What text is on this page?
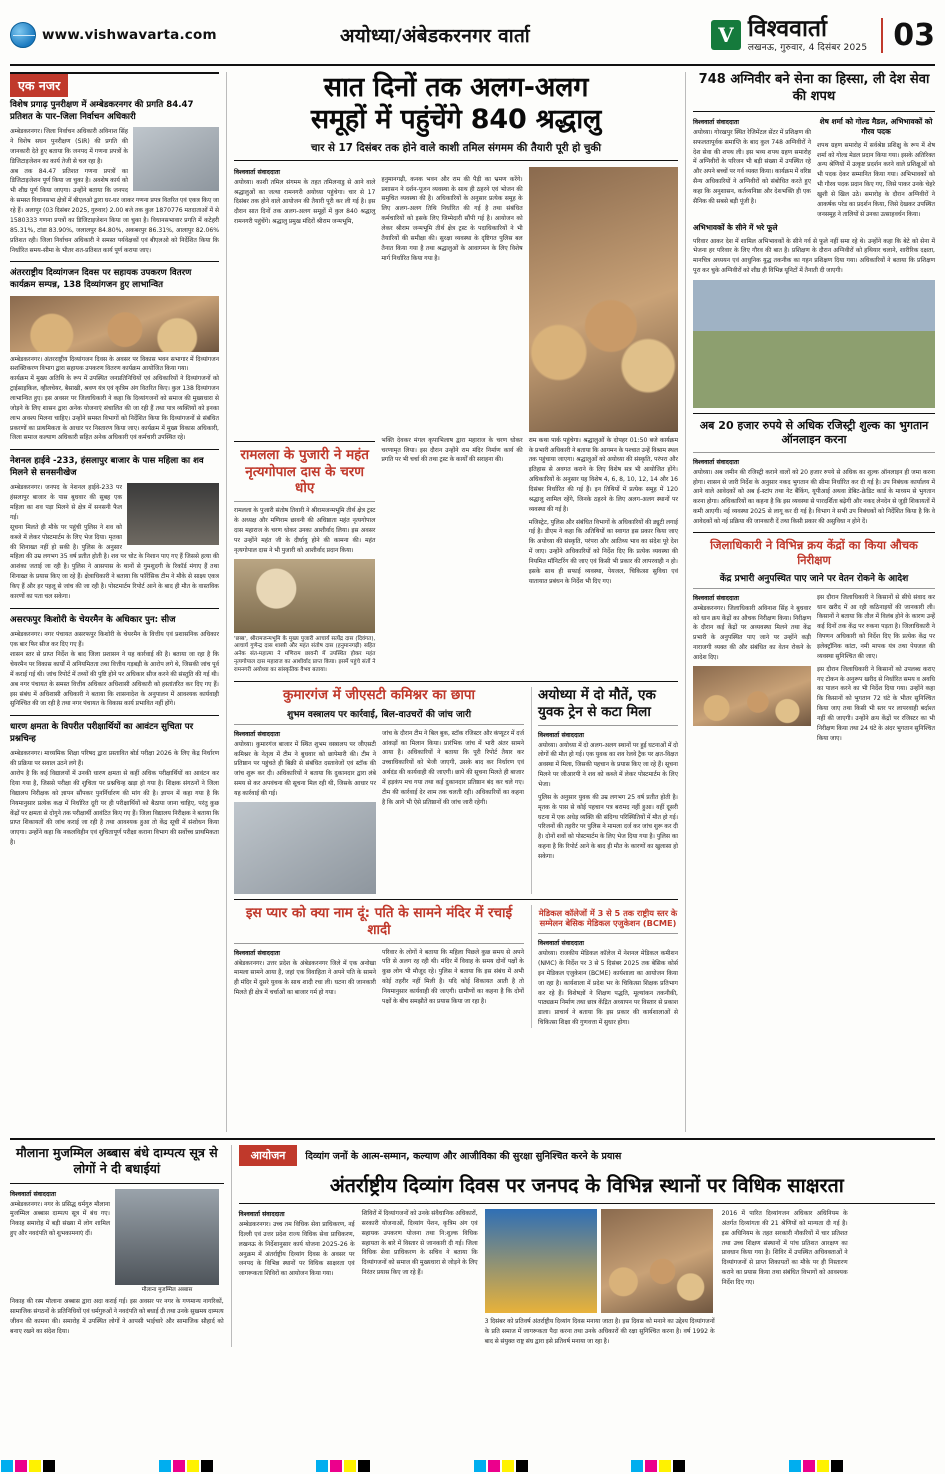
www.vishwavarta.com	अयोध्या/अंबेडकरनगर वार्ता	V विश्ववार्ता
लखनऊ, गुरुवार, 4 दिसंबर 2025 03
एक नजर
विशेष प्रगाढ़ पुनरीक्षण में अम्बेडकरनगर की प्रगति 84.47 प्रतिशत के पार–जिला निर्वाचन अधिकारी
अम्बेडकरनगर। जिला निर्वाचन अधिकारी अविनाश सिंह ने विशेष सघन पुनरीक्षण (SIR) की प्रगति की जानकारी देते हुए बताया कि जनपद में गणना प्रपत्रों के डिजिटाइजेशन का कार्य तेजी से चल रहा है।
अब तक 84.47 प्रतिशत गणना प्रपत्रों का डिजिटाइजेशन पूर्ण किया जा चुका है। अवशेष कार्य को भी शीघ्र पूर्ण किया जाएगा। उन्होंने बताया कि जनपद के समस्त विधानसभा क्षेत्रों में बीएलओ द्वारा घर-घर जाकर गणना प्रपत्र वितरित एवं एकत्र किए जा रहे हैं। अलापुर (03 दिसंबर 2025, गुरुवार) 2.00 बजे तक कुल 1870776 मतदाताओं में से 1580333 गणना प्रपत्रों का डिजिटाइजेशन किया जा चुका है। विधानसभावार प्रगति में कटेहरी 85.31%, टांडा 83.90%, जलालपुर 84.80%, अकबरपुर 86.31%, आलापुर 82.06% प्रतिशत रही। जिला निर्वाचन अधिकारी ने समस्त पर्यवेक्षकों एवं बीएलओ को निर्देशित किया कि निर्धारित समय-सीमा के भीतर शत-प्रतिशत कार्य पूर्ण कराया जाए।
अंतरराष्ट्रीय दिव्यांगजन दिवस पर सहायक उपकरण वितरण कार्यक्रम सम्पन्न, 138 दिव्यांगजन हुए लाभान्वित
अम्बेडकरनगर। अंतरराष्ट्रीय दिव्यांगजन दिवस के अवसर पर विकास भवन सभागार में दिव्यांगजन सशक्तिकरण विभाग द्वारा सहायक उपकरण वितरण कार्यक्रम आयोजित किया गया।
कार्यक्रम में मुख्य अतिथि के रूप में उपस्थित जनप्रतिनिधियों एवं अधिकारियों ने दिव्यांगजनों को ट्राईसाइकिल, व्हीलचेयर, बैसाखी, श्रवण यंत्र एवं कृत्रिम अंग वितरित किए। कुल 138 दिव्यांगजन लाभान्वित हुए। इस अवसर पर जिलाधिकारी ने कहा कि दिव्यांगजनों को समाज की मुख्यधारा से जोड़ने के लिए शासन द्वारा अनेक योजनाएं संचालित की जा रही हैं तथा पात्र व्यक्तियों को इनका लाभ अवश्य मिलना चाहिए। उन्होंने समस्त विभागों को निर्देशित किया कि दिव्यांगजनों से संबंधित प्रकरणों का प्राथमिकता के आधार पर निस्तारण किया जाए। कार्यक्रम में मुख्य विकास अधिकारी, जिला समाज कल्याण अधिकारी सहित अनेक अधिकारी एवं कर्मचारी उपस्थित रहे।
नेशनल हाईवे -233, हंसलापुर बाजार के पास महिला का शव मिलने से सनसनीखेज
अम्बेडकरनगर। जनपद के नेशनल हाईवे-233 पर हंसलापुर बाजार के पास बुधवार की सुबह एक महिला का शव पड़ा मिलने से क्षेत्र में सनसनी फैल गई।
सूचना मिलते ही मौके पर पहुंची पुलिस ने शव को कब्जे में लेकर पोस्टमार्टम के लिए भेज दिया। मृतका की शिनाख्त नहीं हो सकी है। पुलिस के अनुसार महिला की उम्र लगभग 35 वर्ष प्रतीत होती है। शव पर चोट के निशान पाए गए हैं जिससे हत्या की आशंका जताई जा रही है। पुलिस ने आसपास के थानों से गुमशुदगी के रिकॉर्ड मंगाए हैं तथा शिनाख्त के प्रयास किए जा रहे हैं। क्षेत्राधिकारी ने बताया कि फॉरेंसिक टीम ने मौके से साक्ष्य एकत्र किए हैं और हर पहलू से जांच की जा रही है। पोस्टमार्टम रिपोर्ट आने के बाद ही मौत के वास्तविक कारणों का पता चल सकेगा।
असरफपुर किशोरी के चेयरमैन के अधिकार पुन: सीज
अम्बेडकरनगर। नगर पंचायत असरफपुर किशोरी के चेयरमैन के वित्तीय एवं प्रशासनिक अधिकार एक बार फिर सीज कर दिए गए हैं।
शासन स्तर से प्राप्त निर्देश के बाद जिला प्रशासन ने यह कार्रवाई की है। बताया जा रहा है कि चेयरमैन पर विकास कार्यों में अनियमितता तथा वित्तीय गड़बड़ी के आरोप लगे थे, जिसकी जांच पूर्व में कराई गई थी। जांच रिपोर्ट में तथ्यों की पुष्टि होने पर अधिकार सीज करने की संस्तुति की गई थी। अब नगर पंचायत के समस्त वित्तीय अधिकार अधिशासी अधिकारी को हस्तांतरित कर दिए गए हैं। इस संबंध में अधिशासी अधिकारी ने बताया कि शासनादेश के अनुपालन में आवश्यक कार्यवाही सुनिश्चित की जा रही है तथा नगर पंचायत के विकास कार्य प्रभावित नहीं होंगे।
धारण क्षमता के विपरीत परीक्षार्थियों का आवंटन सुचिता पर प्रश्नचिन्ह
अम्बेडकरनगर। माध्यमिक शिक्षा परिषद द्वारा प्रस्तावित बोर्ड परीक्षा 2026 के लिए केंद्र निर्धारण की प्रक्रिया पर सवाल उठने लगे हैं।
आरोप है कि कई विद्यालयों में उनकी धारण क्षमता से कहीं अधिक परीक्षार्थियों का आवंटन कर दिया गया है, जिससे परीक्षा की शुचिता पर प्रश्नचिन्ह खड़ा हो गया है। शिक्षक संगठनों ने जिला विद्यालय निरीक्षक को ज्ञापन सौंपकर पुनर्निर्धारण की मांग की है। ज्ञापन में कहा गया है कि नियमानुसार प्रत्येक कक्ष में निर्धारित दूरी पर ही परीक्षार्थियों को बैठाया जाना चाहिए, परंतु कुछ केंद्रों पर क्षमता से दोगुने तक परीक्षार्थी आवंटित किए गए हैं। जिला विद्यालय निरीक्षक ने बताया कि प्राप्त शिकायतों की जांच कराई जा रही है तथा आवश्यक हुआ तो केंद्र सूची में संशोधन किया जाएगा। उन्होंने कहा कि नकलविहीन एवं शुचितापूर्ण परीक्षा कराना विभाग की सर्वोच्च प्राथमिकता है।
सात दिनों तक अलग-अलग
समूहों में पहुंचेंगे 840 श्रद्धालु
चार से 17 दिसंबर तक होने वाले काशी तमिल संगमम की तैयारी पूरी हो चुकी
विश्ववार्ता संवाददाता
अयोध्या। काशी तमिल संगमम के तहत तमिलनाडु से आने वाले श्रद्धालुओं का जत्था रामनगरी अयोध्या पहुंचेगा। चार से 17 दिसंबर तक होने वाले आयोजन की तैयारी पूरी कर ली गई है। इस दौरान सात दिनों तक अलग-अलग समूहों में कुल 840 श्रद्धालु रामनगरी पहुंचेंगे। श्रद्धालु प्रमुख मंदिरों श्रीराम जन्मभूमि,
हनुमानगढ़ी, कनक भवन और राम की पैड़ी का भ्रमण करेंगे। प्रशासन ने दर्शन-पूजन व्यवस्था के साथ ही ठहरने एवं भोजन की समुचित व्यवस्था की है। अधिकारियों के अनुसार प्रत्येक समूह के लिए अलग-अलग तिथि निर्धारित की गई है तथा संबंधित कर्मचारियों को इसके लिए जिम्मेदारी सौंपी गई है। आयोजन को लेकर श्रीराम जन्मभूमि तीर्थ क्षेत्र ट्रस्ट के पदाधिकारियों ने भी तैयारियों की समीक्षा की। सुरक्षा व्यवस्था के दृष्टिगत पुलिस बल तैनात किया गया है तथा श्रद्धालुओं के आवागमन के लिए विशेष मार्ग निर्धारित किया गया है।
रामलला के पुजारी ने महंत नृत्यगोपाल दास के चरण धोए
रामलला के पुजारी संतोष तिवारी ने श्रीरामजन्मभूमि तीर्थ क्षेत्र ट्रस्ट के अध्यक्ष और मणिराम छावनी की अधिष्ठाता महंत नृत्यगोपाल दास महाराज के चरण धोकर उनका आशीर्वाद लिया। इस अवसर पर उन्होंने महंत जी के दीर्घायु होने की कामना की। महंत नृत्यगोपाल दास ने भी पुजारी को आशीर्वाद प्रदान किया।
'छब्ब', श्रीरामजन्मभूमि के मुख्य पुजारी आचार्य सत्येंद्र दास (दिवंगत), आचार्य गुणेन्द्र दास शास्त्री और महंत संतोष दास (हनुमानगढ़ी) सहित अनेक संत-महात्मा ने मणिराम छावनी में उपस्थित होकर महंत नृत्यगोपाल दास महाराज का आशीर्वाद प्राप्त किया। इसमें पहुंचे संतों ने रामनगरी अयोध्या का सांस्कृतिक वैभव बताया।
भक्ति देवकर मंगल कृपाभिलाष द्वारा महाराज के चरण धोकर चरणामृत लिया। इस दौरान उन्होंने राम मंदिर निर्माण कार्य की प्रगति पर भी चर्चा की तथा ट्रस्ट के कार्यों की सराहना की।
राम कथा पार्क पहुंचेगा। श्रद्धालुओं के दोपहर 01:50 बजे कार्यक्रम के प्रभारी अधिकारी ने बताया कि आगमन के पश्चात उन्हें विश्राम स्थल तक पहुंचाया जाएगा। श्रद्धालुओं को अयोध्या की संस्कृति, परंपरा और इतिहास से अवगत कराने के लिए विशेष सत्र भी आयोजित होंगे। अधिकारियों के अनुसार यह विशेष 4, 6, 8, 10, 12, 14 और 16 दिसंबर निर्धारित की गई हैं। इन तिथियों में प्रत्येक समूह में 120 श्रद्धालु शामिल रहेंगे, जिनके ठहरने के लिए अलग-अलग स्थानों पर व्यवस्था की गई है।
मजिस्ट्रेट, पुलिस और संबंधित विभागों के अधिकारियों की ड्यूटी लगाई गई है। डीएम ने कहा कि अतिथियों का स्वागत इस प्रकार किया जाए कि अयोध्या की संस्कृति, परंपरा और आतिथ्य भाव का संदेश पूरे देश में जाए। उन्होंने अधिकारियों को निर्देश दिए कि प्रत्येक व्यवस्था की नियमित मॉनिटरिंग की जाए एवं किसी भी प्रकार की लापरवाही न हो। इसके साथ ही सफाई व्यवस्था, पेयजल, चिकित्सा सुविधा एवं यातायात प्रबंधन के निर्देश भी दिए गए।
कुमारगंज में जीएसटी कमिश्नर का छापा
शुभम वस्त्रालय पर कार्रवाई, बिल-वाउचरों की जांच जारी
विश्ववार्ता संवाददाता
अयोध्या। कुमारगंज बाजार में स्थित शुभम वस्त्रालय पर जीएसटी कमिश्नर के नेतृत्व में टीम ने बुधवार को छापेमारी की। टीम ने प्रतिष्ठान पर पहुंचते ही बिक्री से संबंधित दस्तावेजों एवं स्टॉक की जांच शुरू कर दी। अधिकारियों ने बताया कि दुकानदार द्वारा लंबे समय से कर अपवंचना की सूचना मिल रही थी, जिसके आधार पर यह कार्रवाई की गई।
जांच के दौरान टीम ने बिल बुक, स्टॉक रजिस्टर और कंप्यूटर में दर्ज आंकड़ों का मिलान किया। प्रारंभिक जांच में भारी अंतर सामने आया है। अधिकारियों ने बताया कि पूरी रिपोर्ट तैयार कर उच्चाधिकारियों को भेजी जाएगी, उसके बाद कर निर्धारण एवं अर्थदंड की कार्यवाही की जाएगी। छापे की सूचना मिलते ही बाजार में हड़कंप मच गया तथा कई दुकानदार प्रतिष्ठान बंद कर चले गए। टीम की कार्रवाई देर शाम तक चलती रही। अधिकारियों का कहना है कि आगे भी ऐसे प्रतिष्ठानों की जांच जारी रहेगी।
अयोध्या में दो मौतें, एक युवक ट्रेन से कटा मिला
विश्ववार्ता संवाददाता
अयोध्या। अयोध्या में दो अलग-अलग स्थानों पर हुई घटनाओं में दो लोगों की मौत हो गई। एक युवक का शव रेलवे ट्रैक पर क्षत-विक्षत अवस्था में मिला, जिसकी पहचान के प्रयास किए जा रहे हैं। सूचना मिलने पर जीआरपी ने शव को कब्जे में लेकर पोस्टमार्टम के लिए भेजा।
पुलिस के अनुसार युवक की उम्र लगभग 25 वर्ष प्रतीत होती है। मृतक के पास से कोई पहचान पत्र बरामद नहीं हुआ। वहीं दूसरी घटना में एक अधेड़ व्यक्ति की संदिग्ध परिस्थितियों में मौत हो गई। परिजनों की तहरीर पर पुलिस ने मामला दर्ज कर जांच शुरू कर दी है। दोनों शवों को पोस्टमार्टम के लिए भेज दिया गया है। पुलिस का कहना है कि रिपोर्ट आने के बाद ही मौत के कारणों का खुलासा हो सकेगा।
इस प्यार को क्या नाम दूं: पति के सामने मंदिर में रचाई शादी
विश्ववार्ता संवाददाता
अंबेडकरनगर। उत्तर प्रदेश के अंबेडकरनगर जिले में एक अनोखा मामला सामने आया है, जहां एक विवाहिता ने अपने पति के सामने ही मंदिर में दूसरे युवक के साथ शादी रचा ली। घटना की जानकारी मिलते ही क्षेत्र में चर्चाओं का बाजार गर्म हो गया।
परिवार के लोगों ने बताया कि महिला पिछले कुछ समय से अपने पति से अलग रह रही थी। मंदिर में विवाह के समय दोनों पक्षों के कुछ लोग भी मौजूद रहे। पुलिस ने बताया कि इस संबंध में अभी कोई तहरीर नहीं मिली है। यदि कोई शिकायत आती है तो नियमानुसार कार्यवाही की जाएगी। ग्रामीणों का कहना है कि दोनों पक्षों के बीच समझौते का प्रयास किया जा रहा है।
मेडिकल कॉलेजों में 3 से 5 तक राष्ट्रीय स्तर के सम्मेलन बेसिक मेडिकल एजुकेशन (BCME)
विश्ववार्ता संवाददाता
अयोध्या। राजकीय मेडिकल कॉलेज में नेशनल मेडिकल कमीशन (NMC) के निर्देश पर 3 से 5 दिसंबर 2025 तक बेसिक कोर्स इन मेडिकल एजुकेशन (BCME) कार्यशाला का आयोजन किया जा रहा है। कार्यशाला में प्रदेश भर के चिकित्सा शिक्षक प्रतिभाग कर रहे हैं। विशेषज्ञों ने शिक्षण पद्धति, मूल्यांकन तकनीकी, पाठ्यक्रम निर्माण तथा छात्र केंद्रित अध्यापन पर विस्तार से प्रकाश डाला। प्राचार्य ने बताया कि इस प्रकार की कार्यशालाओं से चिकित्सा शिक्षा की गुणवत्ता में सुधार होगा।
748 अग्निवीर बने सेना का हिस्सा, ली देश सेवा की शपथ
विश्ववार्ता संवाददाता
अयोध्या। गोरखपुर स्थित रेजिमेंटल सेंटर में प्रशिक्षण की सफलतापूर्वक समाप्ति के बाद कुल 748 अग्निवीरों ने देश सेवा की शपथ ली। इस भव्य शपथ ग्रहण समारोह में अग्निवीरों के परिजन भी बड़ी संख्या में उपस्थित रहे और अपने बच्चों पर गर्व व्यक्त किया। कार्यक्रम में वरिष्ठ सैन्य अधिकारियों ने अग्निवीरों को संबोधित करते हुए कहा कि अनुशासन, कर्तव्यनिष्ठा और देशभक्ति ही एक सैनिक की सबसे बड़ी पूंजी है।
शेष शर्मा को गोल्ड मैडल, अभिभावकों को गौरव पदक
शपथ ग्रहण समारोह में सर्वश्रेष्ठ प्रशिक्षु के रूप में शेष शर्मा को गोल्ड मेडल प्रदान किया गया। इसके अतिरिक्त अन्य श्रेणियों में उत्कृष्ट प्रदर्शन करने वाले प्रशिक्षुओं को भी पदक देकर सम्मानित किया गया। अभिभावकों को भी गौरव पदक प्रदान किए गए, जिसे पाकर उनके चेहरे खुशी से खिल उठे। समारोह के दौरान अग्निवीरों ने आकर्षक परेड का प्रदर्शन किया, जिसे देखकर उपस्थित जनसमूह ने तालियों से उनका उत्साहवर्धन किया।
अभिभावकों के सीने में भरे फूले
परिवार आकर देश में शामिल अभिभावकों के सीने गर्व से फूले नहीं समा रहे थे। उन्होंने कहा कि बेटे को सेना में भेजना हर परिवार के लिए गौरव की बात है। प्रशिक्षण के दौरान अग्निवीरों को हथियार चलाने, शारीरिक दक्षता, मानचित्र अध्ययन एवं आधुनिक युद्ध तकनीक का गहन प्रशिक्षण दिया गया। अधिकारियों ने बताया कि प्रशिक्षण पूरा कर चुके अग्निवीरों को शीघ्र ही विभिन्न यूनिटों में तैनाती दी जाएगी।
अब 20 हजार रुपये से अधिक रजिस्ट्री शुल्क का भुगतान ऑनलाइन करना
विश्ववार्ता संवाददाता
अयोध्या। अब जमीन की रजिस्ट्री कराने वालों को 20 हजार रुपये से अधिक का शुल्क ऑनलाइन ही जमा करना होगा। शासन से जारी निर्देश के अनुसार नकद भुगतान की सीमा निर्धारित कर दी गई है। उप निबंधक कार्यालय में आने वाले आवेदकों को अब ई-स्टांप तथा नेट बैंकिंग, यूपीआई अथवा डेबिट-क्रेडिट कार्ड के माध्यम से भुगतान करना होगा। अधिकारियों का कहना है कि इस व्यवस्था से पारदर्शिता बढ़ेगी और नकद लेनदेन से जुड़ी शिकायतों में कमी आएगी। नई व्यवस्था 2025 से लागू कर दी गई है। विभाग ने सभी उप निबंधकों को निर्देशित किया है कि वे आवेदकों को नई प्रक्रिया की जानकारी दें तथा किसी प्रकार की असुविधा न होने दें।
जिलाधिकारी ने विभिन्न क्रय केंद्रों का किया औचक निरीक्षण
केंद्र प्रभारी अनुपस्थित पाए जाने पर वेतन रोकने के आदेश
विश्ववार्ता संवाददाता
अम्बेडकरनगर। जिलाधिकारी अविनाश सिंह ने बुधवार को धान क्रय केंद्रों का औचक निरीक्षण किया। निरीक्षण के दौरान कई केंद्रों पर अव्यवस्था मिलने तथा केंद्र प्रभारी के अनुपस्थित पाए जाने पर उन्होंने कड़ी नाराजगी व्यक्त की और संबंधित का वेतन रोकने के आदेश दिए।
इस दौरान जिलाधिकारी ने किसानों से सीधे संवाद कर धान खरीद में आ रही कठिनाइयों की जानकारी ली। किसानों ने बताया कि तौल में विलंब होने के कारण उन्हें कई दिनों तक केंद्र पर रुकना पड़ता है। जिलाधिकारी ने विपणन अधिकारी को निर्देश दिए कि प्रत्येक केंद्र पर इलेक्ट्रॉनिक कांटा, नमी मापक यंत्र तथा पेयजल की व्यवस्था सुनिश्चित की जाए।
इस दौरान जिलाधिकारी ने किसानों को उपलब्ध कराए गए टोकन के अनुरूप खरीद से निर्धारित समय व अवधि का पालन करने का भी निर्देश दिया गया। उन्होंने कहा कि किसानों को भुगतान 72 घंटे के भीतर सुनिश्चित किया जाए तथा किसी भी स्तर पर लापरवाही बर्दाश्त नहीं की जाएगी। उन्होंने क्रय केंद्रों पर रजिस्टर का भी निरीक्षण किया तथा 24 घंटे के अंदर भुगतान सुनिश्चित किया जाए।
मौलाना मुजम्मिल अब्बास बंधे दाम्पत्य सूत्र से लोगों ने दी बधाईयां
विश्ववार्ता संवाददाता
अम्बेडकरनगर। नगर के प्रसिद्ध धर्मगुरु मौलाना मुजम्मिल अब्बास दाम्पत्य सूत्र में बंध गए। निकाह समारोह में बड़ी संख्या में लोग शामिल हुए और नवदंपति को शुभकामनाएं दीं।
मौलाना मुजम्मिल अब्बास
निकाह की रस्म मौलाना अब्बास द्वारा अदा कराई गई। इस अवसर पर नगर के गणमान्य नागरिकों, सामाजिक संगठनों के प्रतिनिधियों एवं धर्मगुरुओं ने नवदंपति को बधाई दी तथा उनके सुखमय दाम्पत्य जीवन की कामना की। समारोह में उपस्थित लोगों ने आपसी भाईचारे और सामाजिक सौहार्द को बनाए रखने का संदेश दिया।
आयोजन	दिव्यांग जनों के आत्म-सम्मान, कल्याण और आजीविका की सुरक्षा सुनिश्चित करने के प्रयास
अंतर्राष्ट्रीय दिव्यांग दिवस पर जनपद के विभिन्न स्थानों पर विधिक साक्षरता
विश्ववार्ता संवाददाता
अम्बेडकरनगर। उच्च तम विधिक सेवा प्राधिकरण, नई दिल्ली एवं उत्तर प्रदेश राज्य विधिक सेवा प्राधिकरण, लखनऊ के निर्देशानुसार कार्य योजना 2025-26 के अनुक्रम में अंतर्राष्ट्रीय दिव्यांग दिवस के अवसर पर जनपद के विभिन्न स्थानों पर विधिक साक्षरता एवं जागरूकता शिविरों का आयोजन किया गया।
शिविरों में दिव्यांगजनों को उनके संवैधानिक अधिकारों, सरकारी योजनाओं, दिव्यांग पेंशन, कृत्रिम अंग एवं सहायक उपकरण योजना तथा नि:शुल्क विधिक सहायता के बारे में विस्तार से जानकारी दी गई। जिला विधिक सेवा प्राधिकरण के सचिव ने बताया कि दिव्यांगजनों को समाज की मुख्यधारा से जोड़ने के लिए निरंतर प्रयास किए जा रहे हैं।
3 दिसंबर को प्रतिवर्ष अंतर्राष्ट्रीय दिव्यांग दिवस मनाया जाता है। इस दिवस को मनाने का उद्देश्य दिव्यांगजनों के प्रति समाज में जागरूकता पैदा करना तथा उनके अधिकारों की रक्षा सुनिश्चित करना है। वर्ष 1992 के बाद से संयुक्त राष्ट्र संघ द्वारा इसे प्रतिवर्ष मनाया जा रहा है।
2016 में पारित दिव्यांगजन अधिकार अधिनियम के अंतर्गत दिव्यांगता की 21 श्रेणियों को मान्यता दी गई है। इस अधिनियम के तहत सरकारी नौकरियों में चार प्रतिशत तथा उच्च शिक्षण संस्थानों में पांच प्रतिशत आरक्षण का प्रावधान किया गया है। शिविर में उपस्थित अधिवक्ताओं ने दिव्यांगजनों से प्राप्त शिकायतों का मौके पर ही निस्तारण कराने का प्रयास किया तथा संबंधित विभागों को आवश्यक निर्देश दिए गए।
